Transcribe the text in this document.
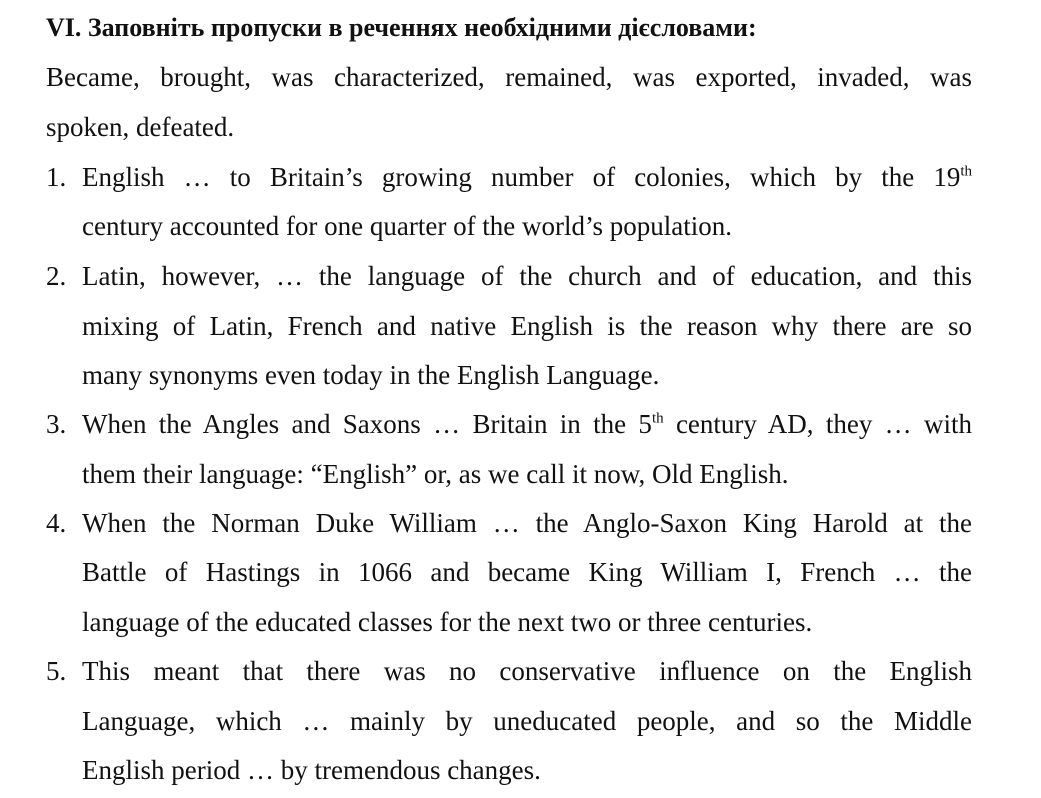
VI. Заповніть пропуски в реченнях необхідними дієсловами:
Became, brought, was characterized, remained, was exported, invaded, was
spoken, defeated.
1. English … to Britain’s growing number of colonies, which by the 19th
century accounted for one quarter of the world’s population.
2. Latin, however, … the language of the church and of education, and this
mixing of Latin, French and native English is the reason why there are so
many synonyms even today in the English Language.
3. When the Angles and Saxons … Britain in the 5th century AD, they … with
them their language: “English” or, as we call it now, Old English.
4. When the Norman Duke William … the Anglo-Saxon King Harold at the
Battle of Hastings in 1066 and became King William I, French … the
language of the educated classes for the next two or three centuries.
5. This meant that there was no conservative influence on the English
Language, which … mainly by uneducated people, and so the Middle
English period … by tremendous changes.
